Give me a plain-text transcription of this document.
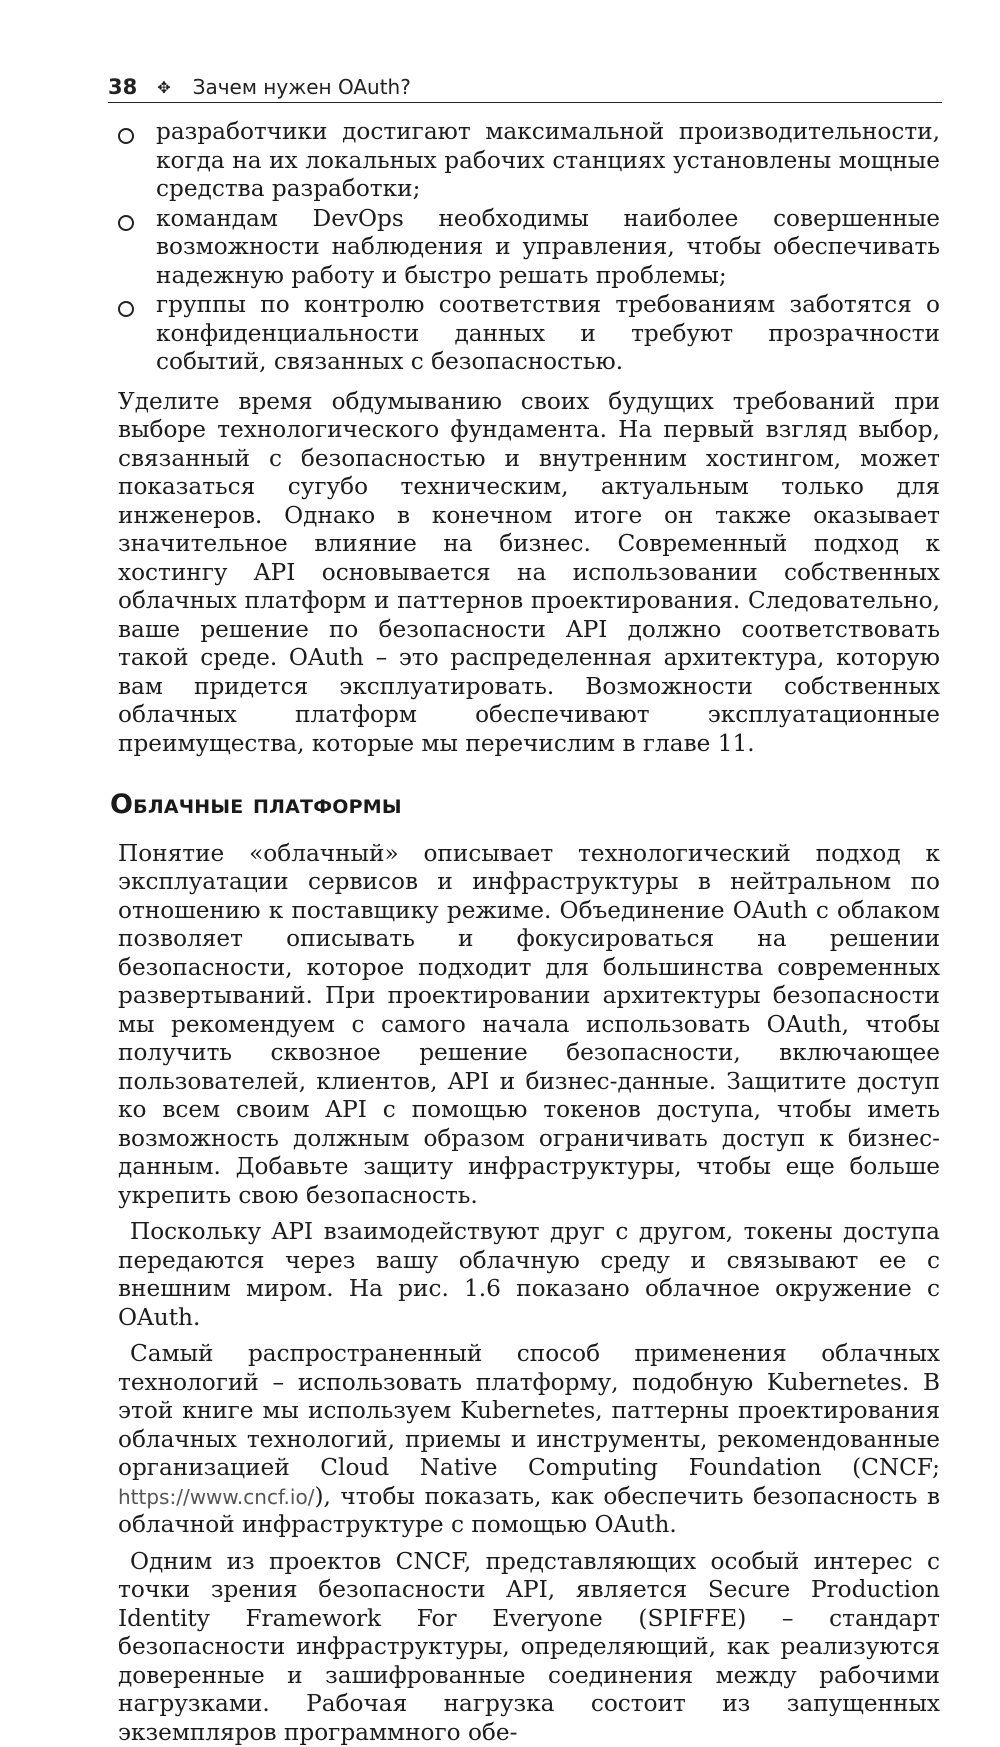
38 ✥ Зачем нужен OAuth?
разработчики достигают максимальной производительности, когда на их локальных рабочих станциях установлены мощные средства разработки;
командам DevOps необходимы наиболее совершенные возможности наблюдения и управления, чтобы обеспечивать надежную работу и быстро решать проблемы;
группы по контролю соответствия требованиям заботятся о конфиденциальности данных и требуют прозрачности событий, связанных с безопасностью.

Уделите время обдумыванию своих будущих требований при выборе технологического фундамента. На первый взгляд выбор, связанный с безопасностью и внутренним хостингом, может показаться сугубо техническим, актуальным только для инженеров. Однако в конечном итоге он также оказывает значительное влияние на бизнес. Современный подход к хостингу API основывается на использовании собственных облачных платформ и паттернов проектирования. Следовательно, ваше решение по безопасности API должно соответствовать такой среде. OAuth – это распределенная архитектура, которую вам придется эксплуатировать. Возможности собственных облачных платформ обеспечивают эксплуатационные преимущества, которые мы перечислим в главе 11.

Облачные платформы

Понятие «облачный» описывает технологический подход к эксплуатации сервисов и инфраструктуры в нейтральном по отношению к поставщику режиме. Объединение OAuth с облаком позволяет описывать и фокусироваться на решении безопасности, которое подходит для большинства современных развертываний. При проектировании архитектуры безопасности мы рекомендуем с самого начала использовать OAuth, чтобы получить сквозное решение безопасности, включающее пользователей, клиентов, API и бизнес-данные. Защитите доступ ко всем своим API с помощью токенов доступа, чтобы иметь возможность должным образом ограничивать доступ к бизнес-данным. Добавьте защиту инфраструктуры, чтобы еще больше укрепить свою безопасность.

Поскольку API взаимодействуют друг с другом, токены доступа передаются через вашу облачную среду и связывают ее с внешним миром. На рис. 1.6 показано облачное окружение с OAuth.

Самый распространенный способ применения облачных технологий – использовать платформу, подобную Kubernetes. В этой книге мы используем Kubernetes, паттерны проектирования облачных технологий, приемы и инструменты, рекомендованные организацией Cloud Native Computing Foundation (CNCF; https://www.cncf.io/), чтобы показать, как обеспечить безопасность в облачной инфраструктуре с помощью OAuth.

Одним из проектов CNCF, представляющих особый интерес с точки зрения безопасности API, является Secure Production Identity Framework For Everyone (SPIFFE) – стандарт безопасности инфраструктуры, определяющий, как реализуются доверенные и зашифрованные соединения между рабочими нагрузками. Рабочая нагрузка состоит из запущенных экземпляров программного обе-
